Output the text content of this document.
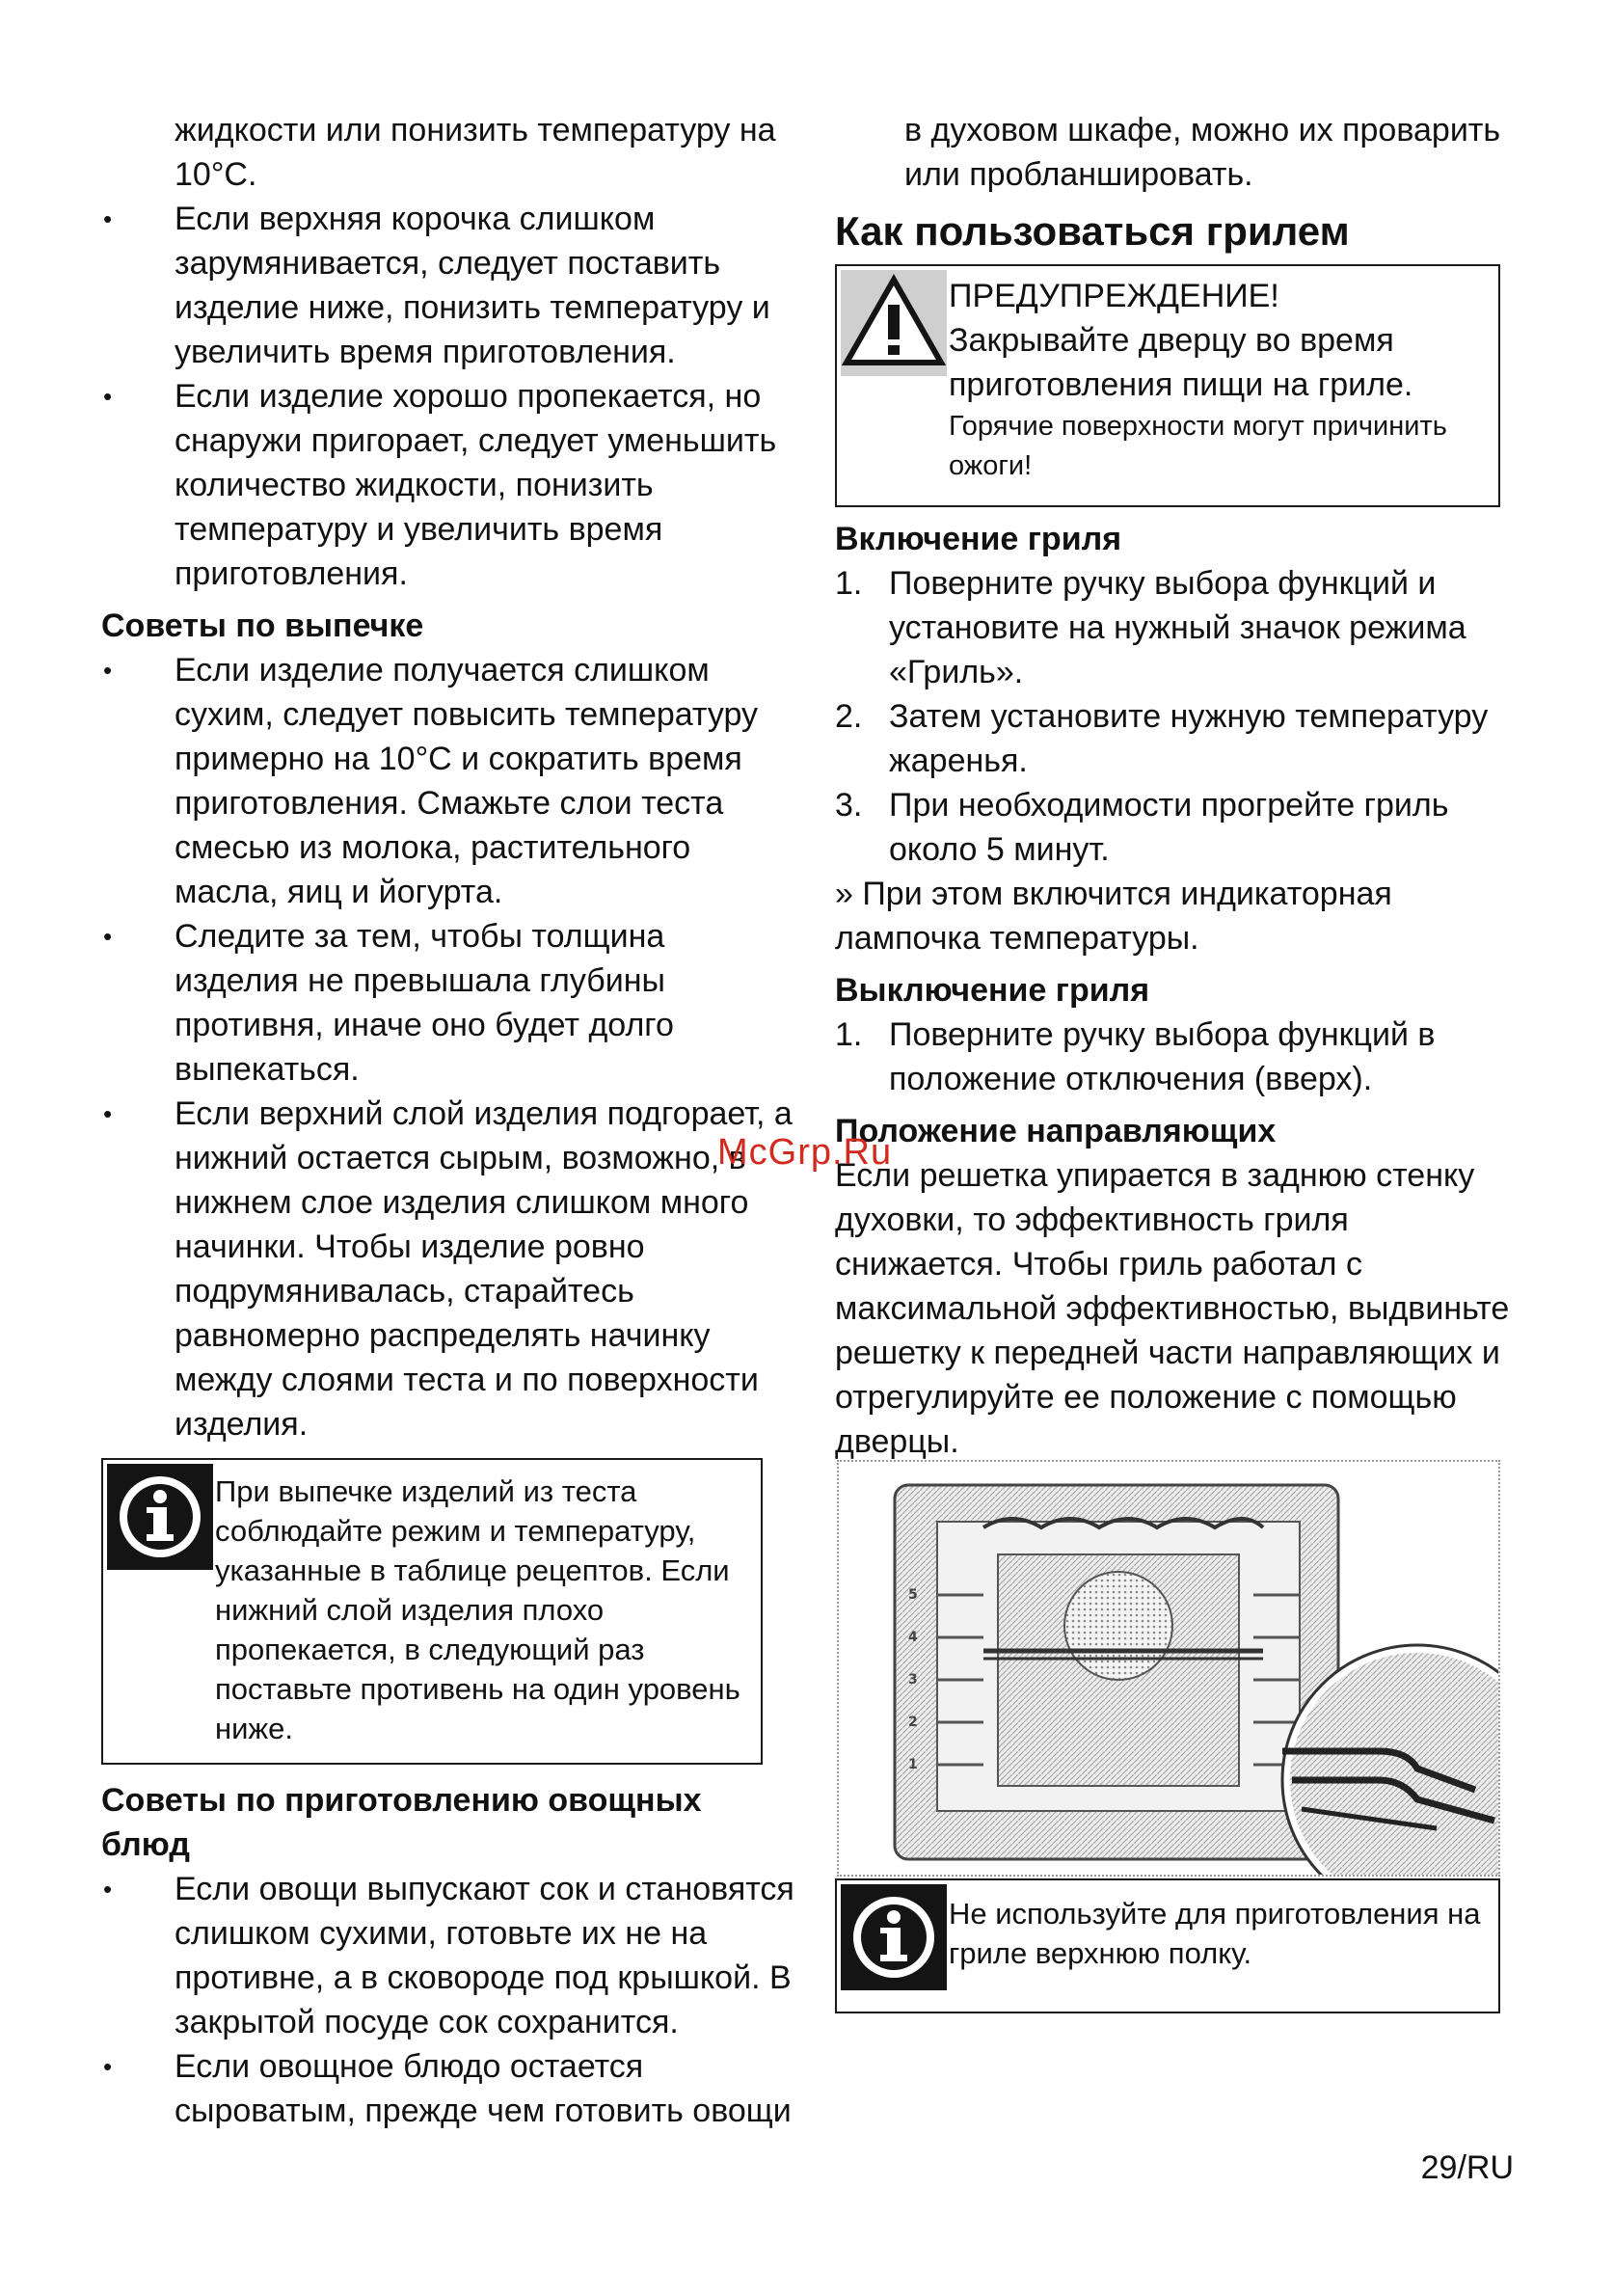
жидкости или понизить температуру на 10°C.
• Если верхняя корочка слишком зарумянивается, следует поставить изделие ниже, понизить температуру и увеличить время приготовления.
• Если изделие хорошо пропекается, но снаружи пригорает, следует уменьшить количество жидкости, понизить температуру и увеличить время приготовления.
Советы по выпечке
• Если изделие получается слишком сухим, следует повысить температуру примерно на 10°C и сократить время приготовления. Смажьте слои теста смесью из молока, растительного масла, яиц и йогурта.
• Следите за тем, чтобы толщина изделия не превышала глубины противня, иначе оно будет долго выпекаться.
• Если верхний слой изделия подгорает, а нижний остается сырым, возможно, в нижнем слое изделия слишком много начинки. Чтобы изделие ровно подрумянивалась, старайтесь равномерно распределять начинку между слоями теста и по поверхности изделия.
При выпечке изделий из теста соблюдайте режим и температуру, указанные в таблице рецептов. Если нижний слой изделия плохо пропекается, в следующий раз поставьте противень на один уровень ниже.
Советы по приготовлению овощных блюд
• Если овощи выпускают сок и становятся слишком сухими, готовьте их не на противне, а в сковороде под крышкой. В закрытой посуде сок сохранится.
• Если овощное блюдо остается сыроватым, прежде чем готовить овощи
в духовом шкафе, можно их проварить или пробланшировать.
Как пользоваться грилем
ПРЕДУПРЕЖДЕНИЕ!
Закрывайте дверцу во время приготовления пищи на гриле.
Горячие поверхности могут причинить ожоги!
Включение гриля
1. Поверните ручку выбора функций и установите на нужный значок режима «Гриль».
2. Затем установите нужную температуру жаренья.
3. При необходимости прогрейте гриль около 5 минут.
» При этом включится индикаторная лампочка температуры.
Выключение гриля
1. Поверните ручку выбора функций в положение отключения (вверх).
Положение направляющих
Если решетка упирается в заднюю стенку духовки, то эффективность гриля снижается. Чтобы гриль работал с максимальной эффективностью, выдвиньте решетку к передней части направляющих и отрегулируйте ее положение с помощью дверцы.
5
4
3
2
1
Не используйте для приготовления на гриле верхнюю полку.
McGrp.Ru
29/RU
